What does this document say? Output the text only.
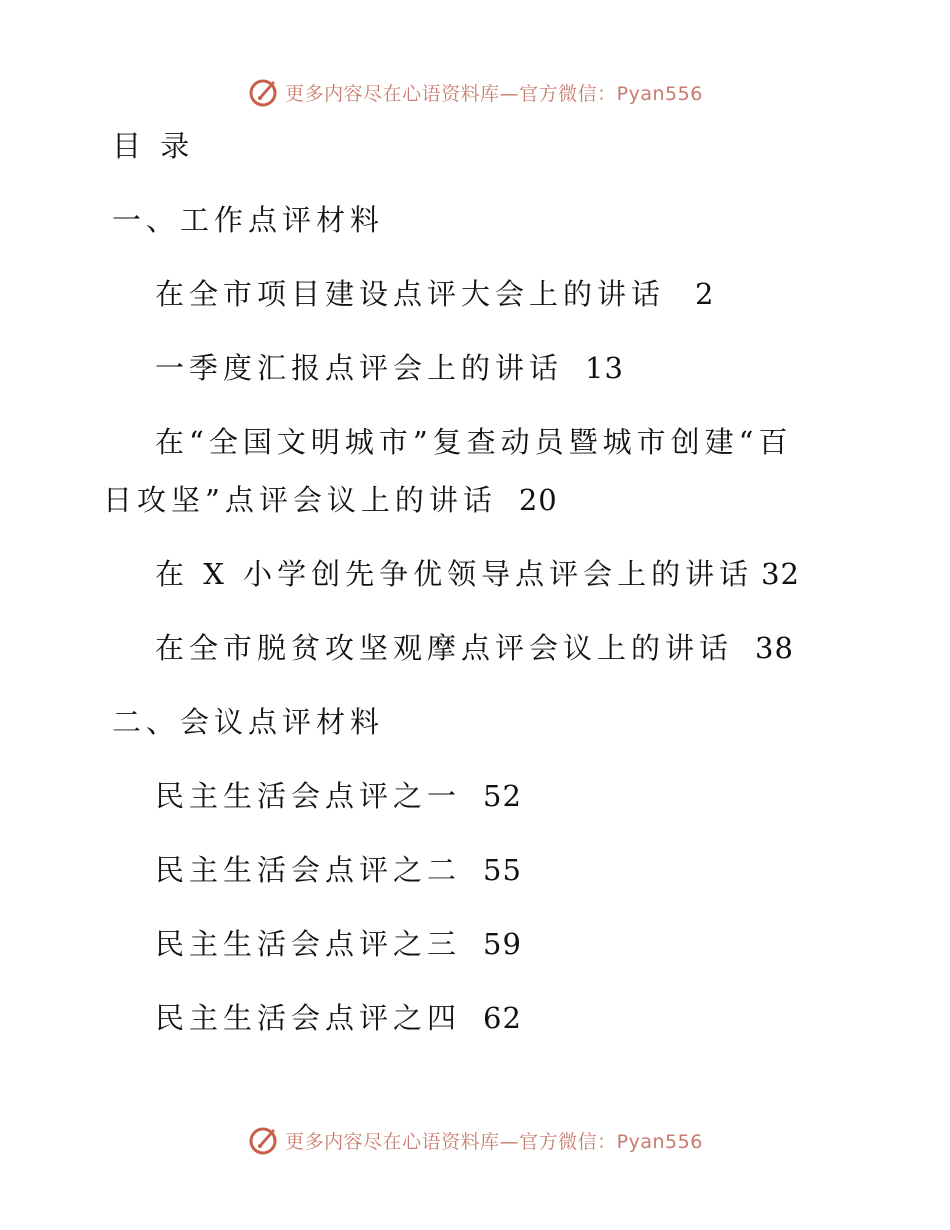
更多内容尽在心语资料库—官方微信：Pyan556
目 录
一、工作点评材料
在全市项目建设点评大会上的讲话 2
一季度汇报点评会上的讲话 13
在“全国文明城市”复查动员暨城市创建“百
日攻坚”点评会议上的讲话 20
在 X 小学创先争优领导点评会上的讲话 32
在全市脱贫攻坚观摩点评会议上的讲话 38
二、会议点评材料
民主生活会点评之一 52
民主生活会点评之二 55
民主生活会点评之三 59
民主生活会点评之四 62
更多内容尽在心语资料库—官方微信：Pyan556
